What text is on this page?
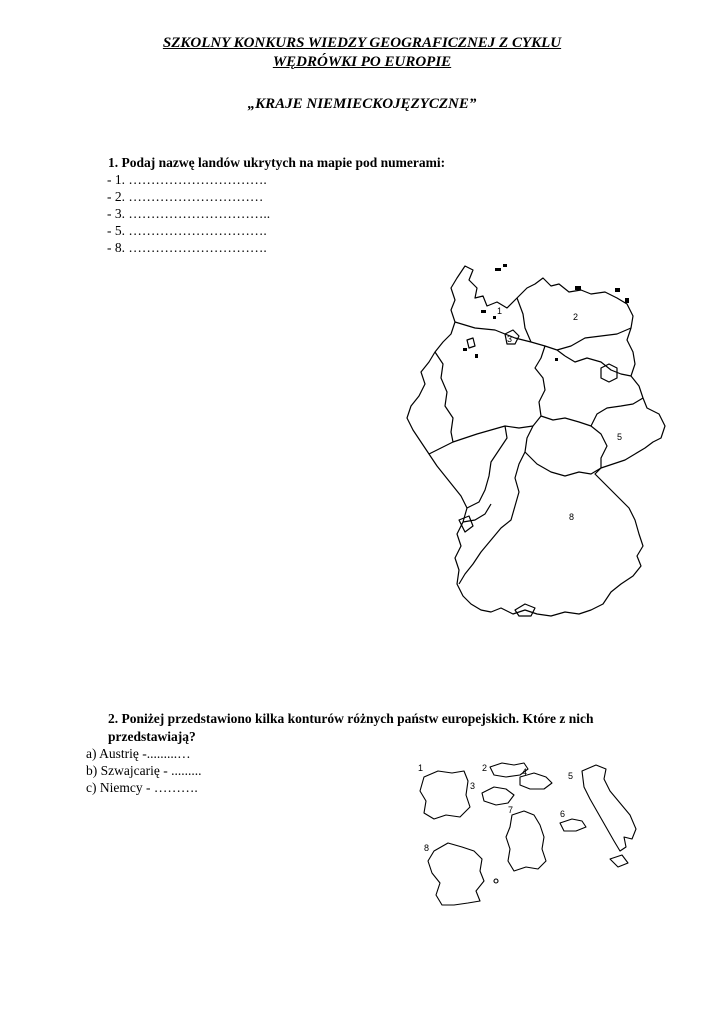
SZKOLNY KONKURS WIEDZY GEOGRAFICZNEJ Z CYKLU
WĘDRÓWKI PO EUROPIE
„KRAJE NIEMIECKOJĘZYCZNE”
1. Podaj nazwę landów ukrytych na mapie pod numerami:
- 1. ………………………….
- 2. …………………………
- 3. …………………………..
- 5. ………………………….
- 8. ………………………….
1
2
3
5
8
2. Poniżej przedstawiono kilka konturów różnych państw europejskich. Które z nich
przedstawiają?
a) Austrię -.........…
b) Szwajcarię - .........
c) Niemcy - ……….
1	2
3
4	5
6
7
8
